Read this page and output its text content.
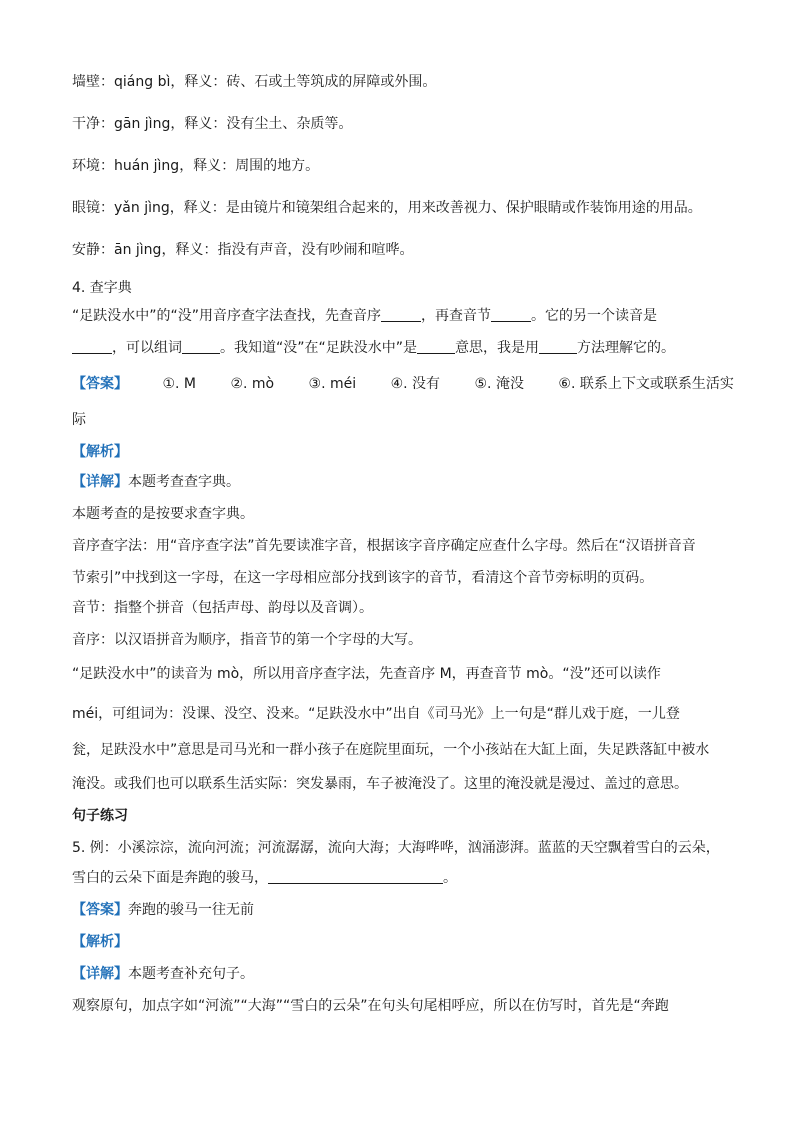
墙壁：qiáng bì，释义：砖、石或土等筑成的屏障或外围。
干净：gān jìng，释义：没有尘土、杂质等。
环境：huán jìng，释义：周围的地方。
眼镜：yǎn jìng，释义：是由镜片和镜架组合起来的，用来改善视力、保护眼睛或作装饰用途的用品。
安静：ān jìng，释义：指没有声音，没有吵闹和喧哗。
4. 查字典
“足趺没水中”的“没”用音序查字法查找，先查音序	，再查音节	。它的另一个读音是
，可以组词	。我知道“没”在“足趺没水中”是	意思，我是用	方法理解它的。
【答案】 ①. M ②. mò ③. méi ④. 没有 ⑤. 淹没 ⑥. 联系上下文或联系生活实
际
【解析】
【详解】本题考查查字典。
本题考查的是按要求查字典。
音序查字法：用“音序查字法”首先要读准字音，根据该字音序确定应查什么字母。然后在“汉语拼音音
节索引”中找到这一字母，在这一字母相应部分找到该字的音节，看清这个音节旁标明的页码。
音节：指整个拼音（包括声母、韵母以及音调）。
音序：以汉语拼音为顺序，指音节的第一个字母的大写。
“足趺没水中”的读音为 mò，所以用音序查字法，先查音序 M，再查音节 mò。“没”还可以读作
méi，可组词为：没课、没空、没来。“足趺没水中”出自《司马光》上一句是“群儿戏于庭，一儿登
瓮，足趺没水中”意思是司马光和一群小孩子在庭院里面玩，一个小孩站在大缸上面，失足跌落缸中被水
淹没。或我们也可以联系生活实际：突发暴雨，车子被淹没了。这里的淹没就是漫过、盖过的意思。
句子练习
5. 例：小溪淙淙，流向河流；河流潺潺，流向大海；大海哗哗，汹涌澎湃。蓝蓝的天空飘着雪白的云朵，
雪白的云朵下面是奔跑的骏马，	。
【答案】奔跑的骏马一往无前
【解析】
【详解】本题考查补充句子。
观察原句，加点字如“河流”“大海”“雪白的云朵”在句头句尾相呼应，所以在仿写时，首先是“奔跑
